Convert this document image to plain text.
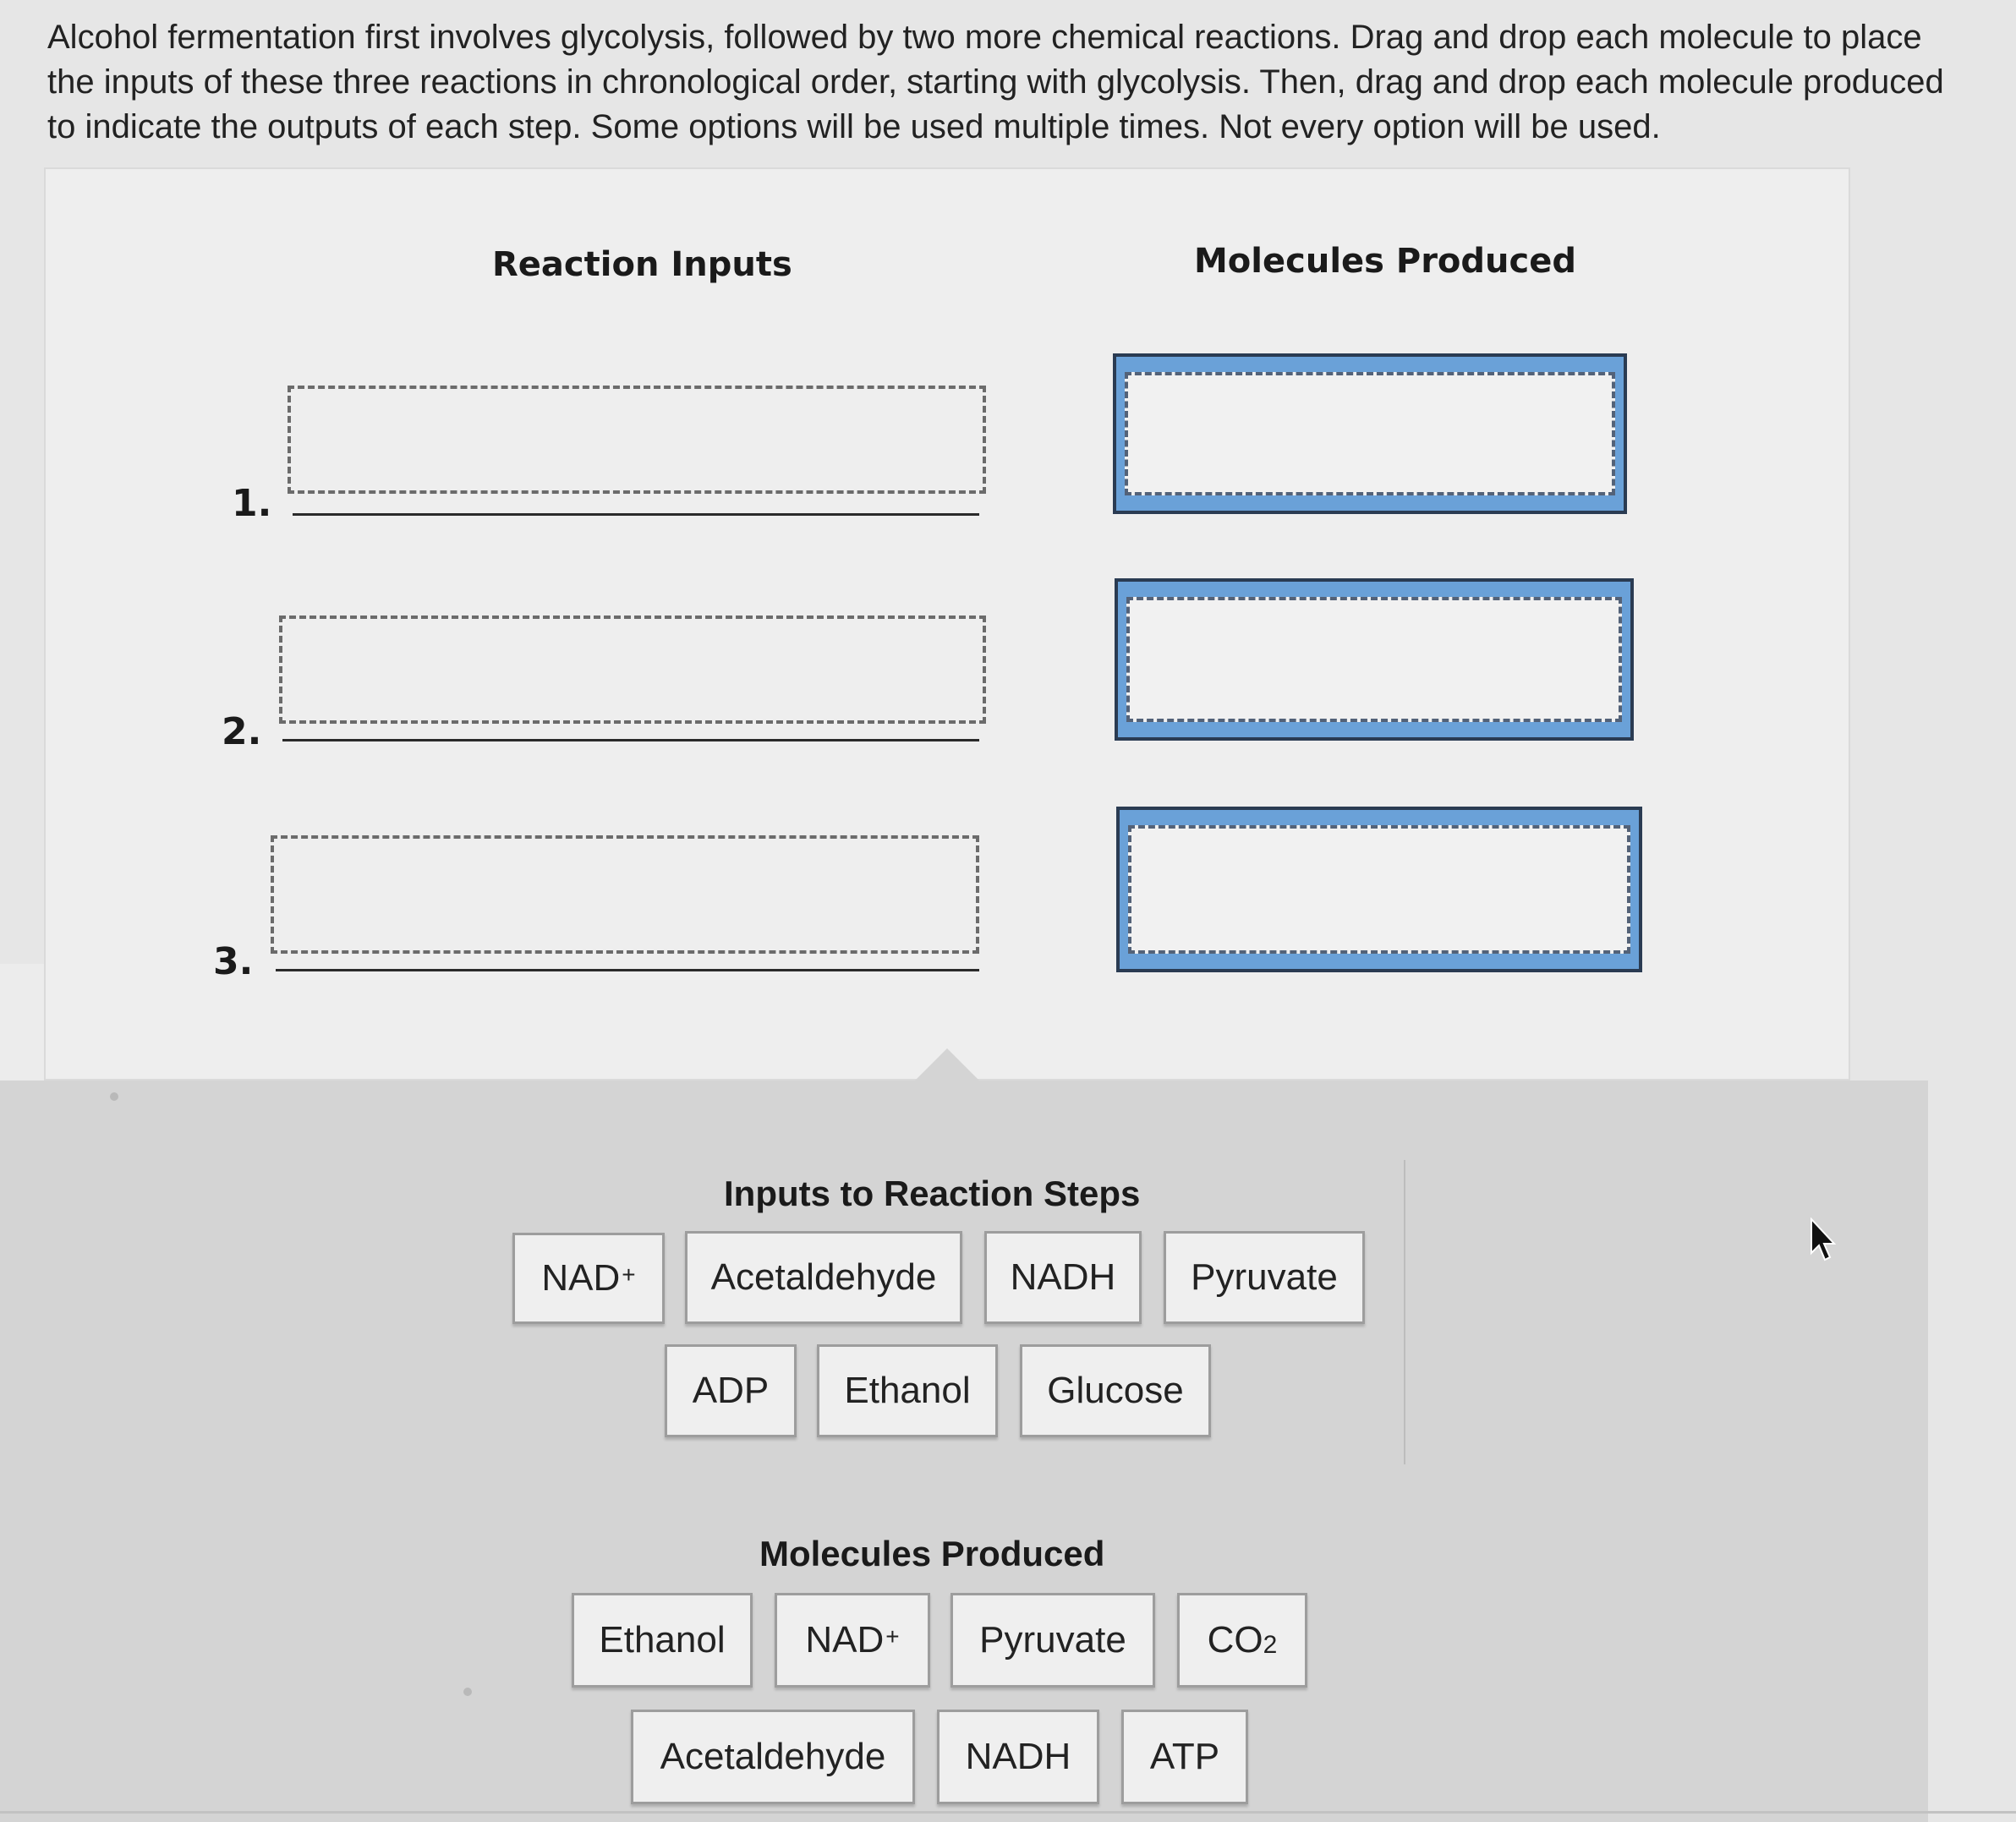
Alcohol fermentation first involves glycolysis, followed by two more chemical reactions. Drag and drop each molecule to place the inputs of these three reactions in chronological order, starting with glycolysis. Then, drag and drop each molecule produced to indicate the outputs of each step. Some options will be used multiple times. Not every option will be used.
Reaction Inputs	Molecules Produced
1.
2.
3.
Inputs to Reaction Steps
NAD+ Acetaldehyde NADH Pyruvate
ADP Ethanol Glucose
Molecules Produced
Ethanol NAD+ Pyruvate $CO_2$
Acetaldehyde NADH ATP
